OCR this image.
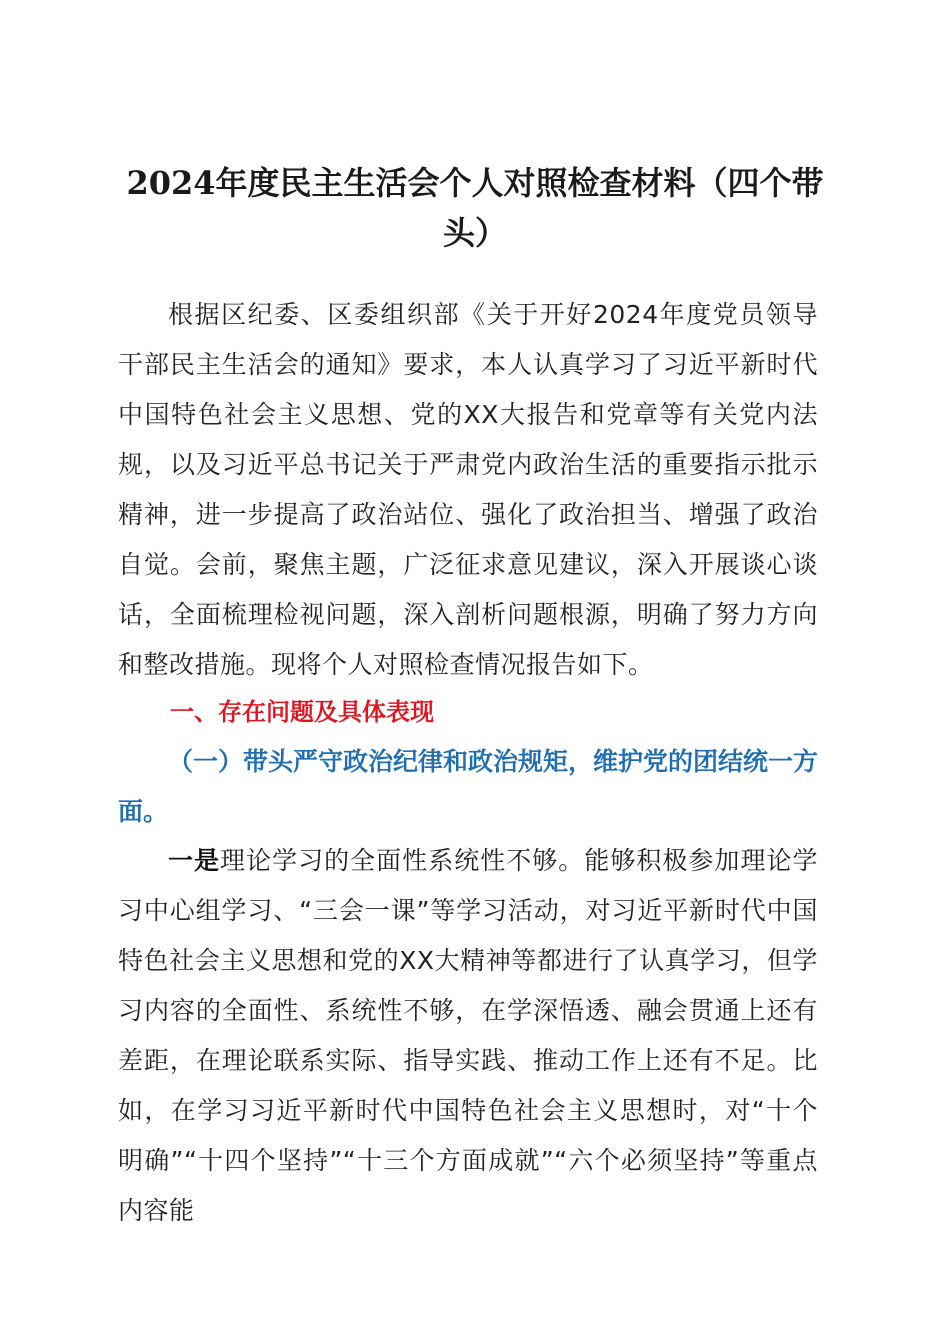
2024年度民主生活会个人对照检查材料（四个带头）

根据区纪委、区委组织部《关于开好2024年度党员领导干部民主生活会的通知》要求，本人认真学习了习近平新时代中国特色社会主义思想、党的XX大报告和党章等有关党内法规，以及习近平总书记关于严肃党内政治生活的重要指示批示精神，进一步提高了政治站位、强化了政治担当、增强了政治自觉。会前，聚焦主题，广泛征求意见建议，深入开展谈心谈话，全面梳理检视问题，深入剖析问题根源，明确了努力方向和整改措施。现将个人对照检查情况报告如下。

一、存在问题及具体表现
（一）带头严守政治纪律和政治规矩，维护党的团结统一方面。

一是理论学习的全面性系统性不够。能够积极参加理论学习中心组学习、“三会一课”等学习活动，对习近平新时代中国特色社会主义思想和党的XX大精神等都进行了认真学习，但学习内容的全面性、系统性不够，在学深悟透、融会贯通上还有差距，在理论联系实际、指导实践、推动工作上还有不足。比如，在学习习近平新时代中国特色社会主义思想时，对“十个明确”“十四个坚持”“十三个方面成就”“六个必须坚持”等重点内容能
